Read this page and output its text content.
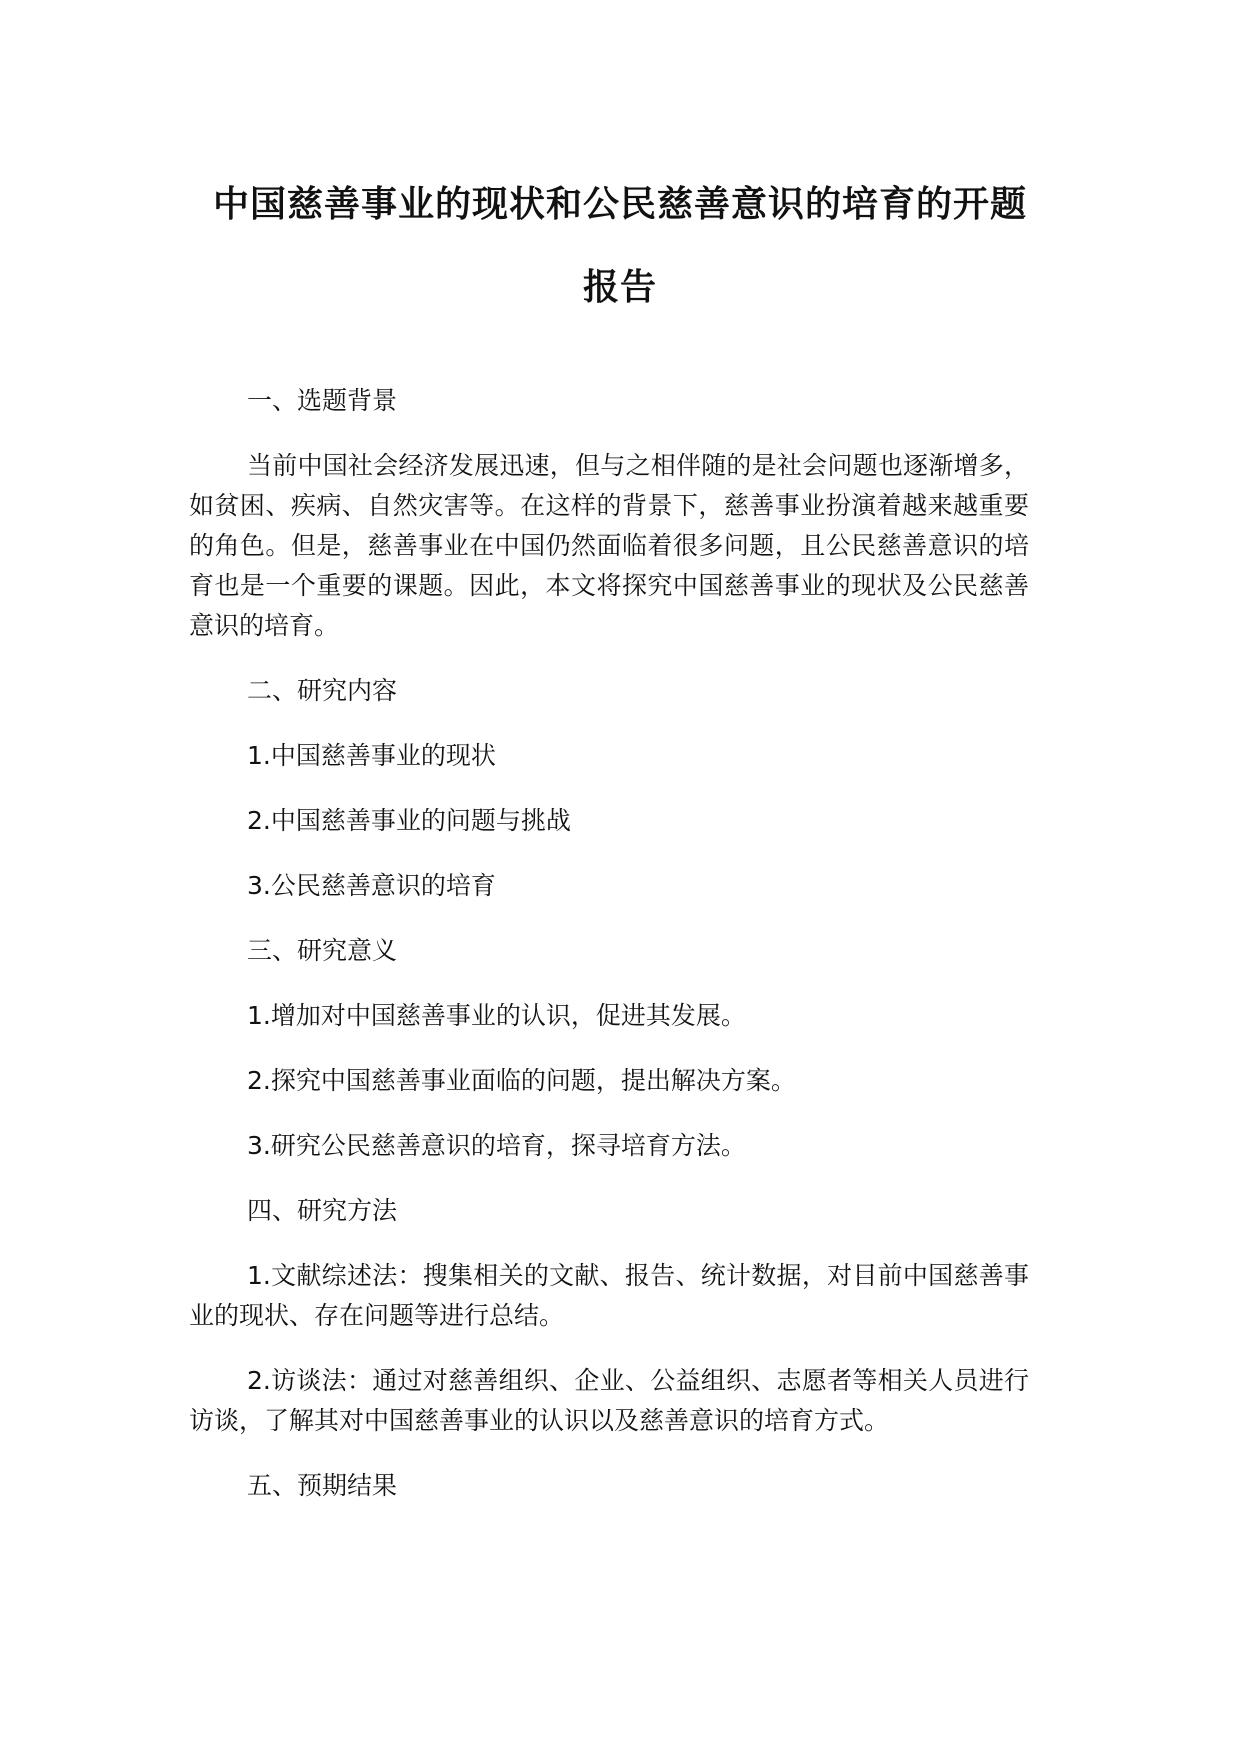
中国慈善事业的现状和公民慈善意识的培育的开题
报告

一、选题背景

当前中国社会经济发展迅速，但与之相伴随的是社会问题也逐渐增多，如贫困、疾病、自然灾害等。在这样的背景下，慈善事业扮演着越来越重要的角色。但是，慈善事业在中国仍然面临着很多问题，且公民慈善意识的培育也是一个重要的课题。因此，本文将探究中国慈善事业的现状及公民慈善意识的培育。

二、研究内容

1.中国慈善事业的现状

2.中国慈善事业的问题与挑战

3.公民慈善意识的培育

三、研究意义

1.增加对中国慈善事业的认识，促进其发展。

2.探究中国慈善事业面临的问题，提出解决方案。

3.研究公民慈善意识的培育，探寻培育方法。

四、研究方法

1.文献综述法：搜集相关的文献、报告、统计数据，对目前中国慈善事业的现状、存在问题等进行总结。

2.访谈法：通过对慈善组织、企业、公益组织、志愿者等相关人员进行访谈，了解其对中国慈善事业的认识以及慈善意识的培育方式。

五、预期结果
